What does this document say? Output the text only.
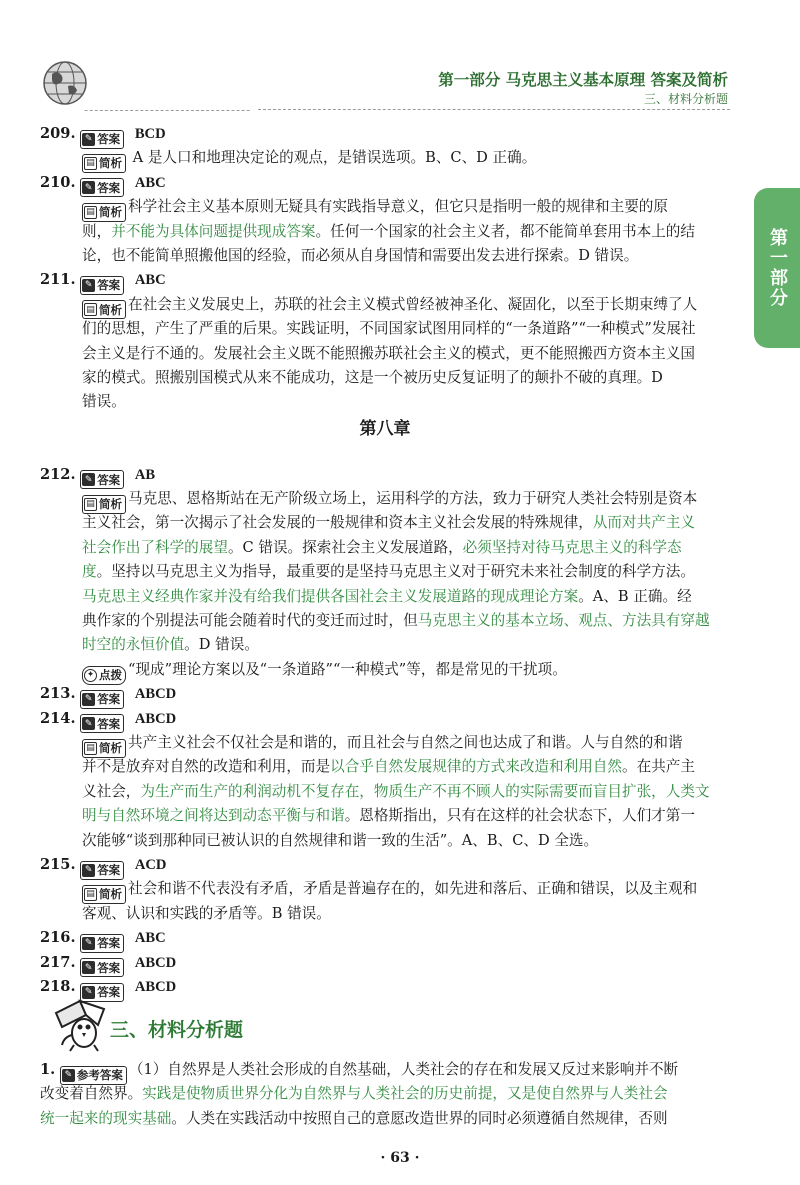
第一部分 马克思主义基本原理 答案及简析
三、材料分析题
第一部分
209.	✎ 答案 BCD
▤ 简析 A 是人口和地理决定论的观点，是错误选项。B、C、D 正确。
210.	✎ 答案 ABC
▤ 简析 科学社会主义基本原则无疑具有实践指导意义，但它只是指明一般的规律和主要的原
则，并不能为具体问题提供现成答案。任何一个国家的社会主义者，都不能简单套用书本上的结
论，也不能简单照搬他国的经验，而必须从自身国情和需要出发去进行探索。D 错误。
211.	✎ 答案 ABC
▤ 简析 在社会主义发展史上，苏联的社会主义模式曾经被神圣化、凝固化，以至于长期束缚了人
们的思想，产生了严重的后果。实践证明，不同国家试图用同样的“一条道路”“一种模式”发展社
会主义是行不通的。发展社会主义既不能照搬苏联社会主义的模式，更不能照搬西方资本主义国
家的模式。照搬别国模式从来不能成功，这是一个被历史反复证明了的颠扑不破的真理。D
错误。
第八章
212.	✎ 答案 AB
▤ 简析 马克思、恩格斯站在无产阶级立场上，运用科学的方法，致力于研究人类社会特别是资本
主义社会，第一次揭示了社会发展的一般规律和资本主义社会发展的特殊规律，从而对共产主义
社会作出了科学的展望。C 错误。探索社会主义发展道路，必须坚持对待马克思主义的科学态
度。坚持以马克思主义为指导，最重要的是坚持马克思主义对于研究未来社会制度的科学方法。
马克思主义经典作家并没有给我们提供各国社会主义发展道路的现成理论方案。A、B 正确。经
典作家的个别提法可能会随着时代的变迁而过时，但马克思主义的基本立场、观点、方法具有穿越
时空的永恒价值。D 错误。
✦ 点拨 “现成”理论方案以及“一条道路”“一种模式”等，都是常见的干扰项。
213.	✎ 答案 ABCD
214.	✎ 答案 ABCD
▤ 简析 共产主义社会不仅社会是和谐的，而且社会与自然之间也达成了和谐。人与自然的和谐
并不是放弃对自然的改造和利用，而是以合乎自然发展规律的方式来改造和利用自然。在共产主
义社会，为生产而生产的利润动机不复存在，物质生产不再不顾人的实际需要而盲目扩张，人类文
明与自然环境之间将达到动态平衡与和谐。恩格斯指出，只有在这样的社会状态下，人们才第一
次能够“谈到那种同已被认识的自然规律和谐一致的生活”。A、B、C、D 全选。
215.	✎ 答案 ACD
▤ 简析 社会和谐不代表没有矛盾，矛盾是普遍存在的，如先进和落后、正确和错误，以及主观和
客观、认识和实践的矛盾等。B 错误。
216.	✎ 答案 ABC
217.	✎ 答案 ABCD
218.	✎ 答案 ABCD
三、材料分析题
1.	✎ 参考答案 （1）自然界是人类社会形成的自然基础，人类社会的存在和发展又反过来影响并不断
改变着自然界。实践是使物质世界分化为自然界与人类社会的历史前提，又是使自然界与人类社会
统一起来的现实基础。人类在实践活动中按照自己的意愿改造世界的同时必须遵循自然规律，否则
· 63 ·
